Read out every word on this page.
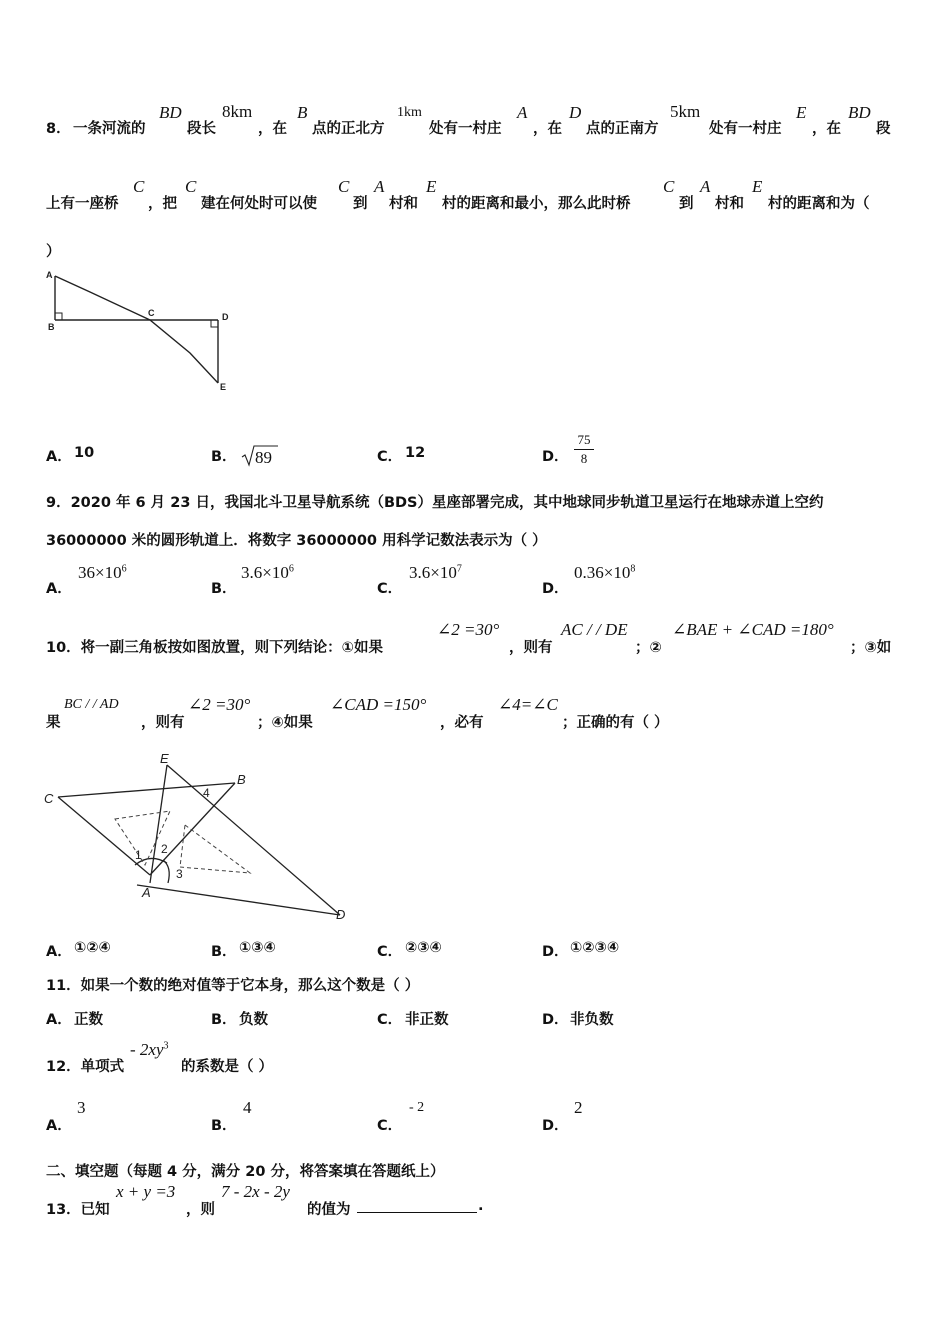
8． 一条河流的
BD
段长
8km
，在
B
点的正北方
1km
处有一村庄
A
，在
D
点的正南方
5km
处有一村庄
E
，在
BD
段
上有一座桥
C
，把
C
建在何处时可以使
C
到
A
村和
E
村的距离和最小，那么此时桥
C
到
A
村和
E
村的距离和为（
）
A
B
C	D
E
A． 10	B． 89	C． 12	D．
75
8
9．2020 年 6 月 23 日，我国北斗卫星导航系统（BDS）星座部署完成，其中地球同步轨道卫星运行在地球赤道上空约
36000000 米的圆形轨道上．将数字 36000000 用科学记数法表示为（ ）
A．
$36\times 10^6$
B．
$3.6\times 10^6$
C．
$3.6\times 10^7$
D．
$0.36\times 10^8$
10．将一副三角板按如图放置，则下列结论：①如果
∠2 =30°
，则有
AC / / DE
；②
∠BAE + ∠CAD =180°
；③如
果
BC / / AD
，则有
∠2 =30°
；④如果
∠CAD =150°
，必有
∠4=∠C
；正确的有（ ）
E
B
C
A
D
1 2
3
4
A． ①②④	B． ①③④	C． ②③④	D． ①②③④
11．如果一个数的绝对值等于它本身，那么这个数是（ ）
A． 正数	B． 负数	C． 非正数	D． 非负数
12．单项式
- $2xy^3$
的系数是（ ）
A．
3
B．
4
C．
- 2
D．
2
二、填空题（每题 4 分，满分 20 分，将答案填在答题纸上）
13．已知
x + y =3
，则
7 - 2x - 2y
的值为	.
